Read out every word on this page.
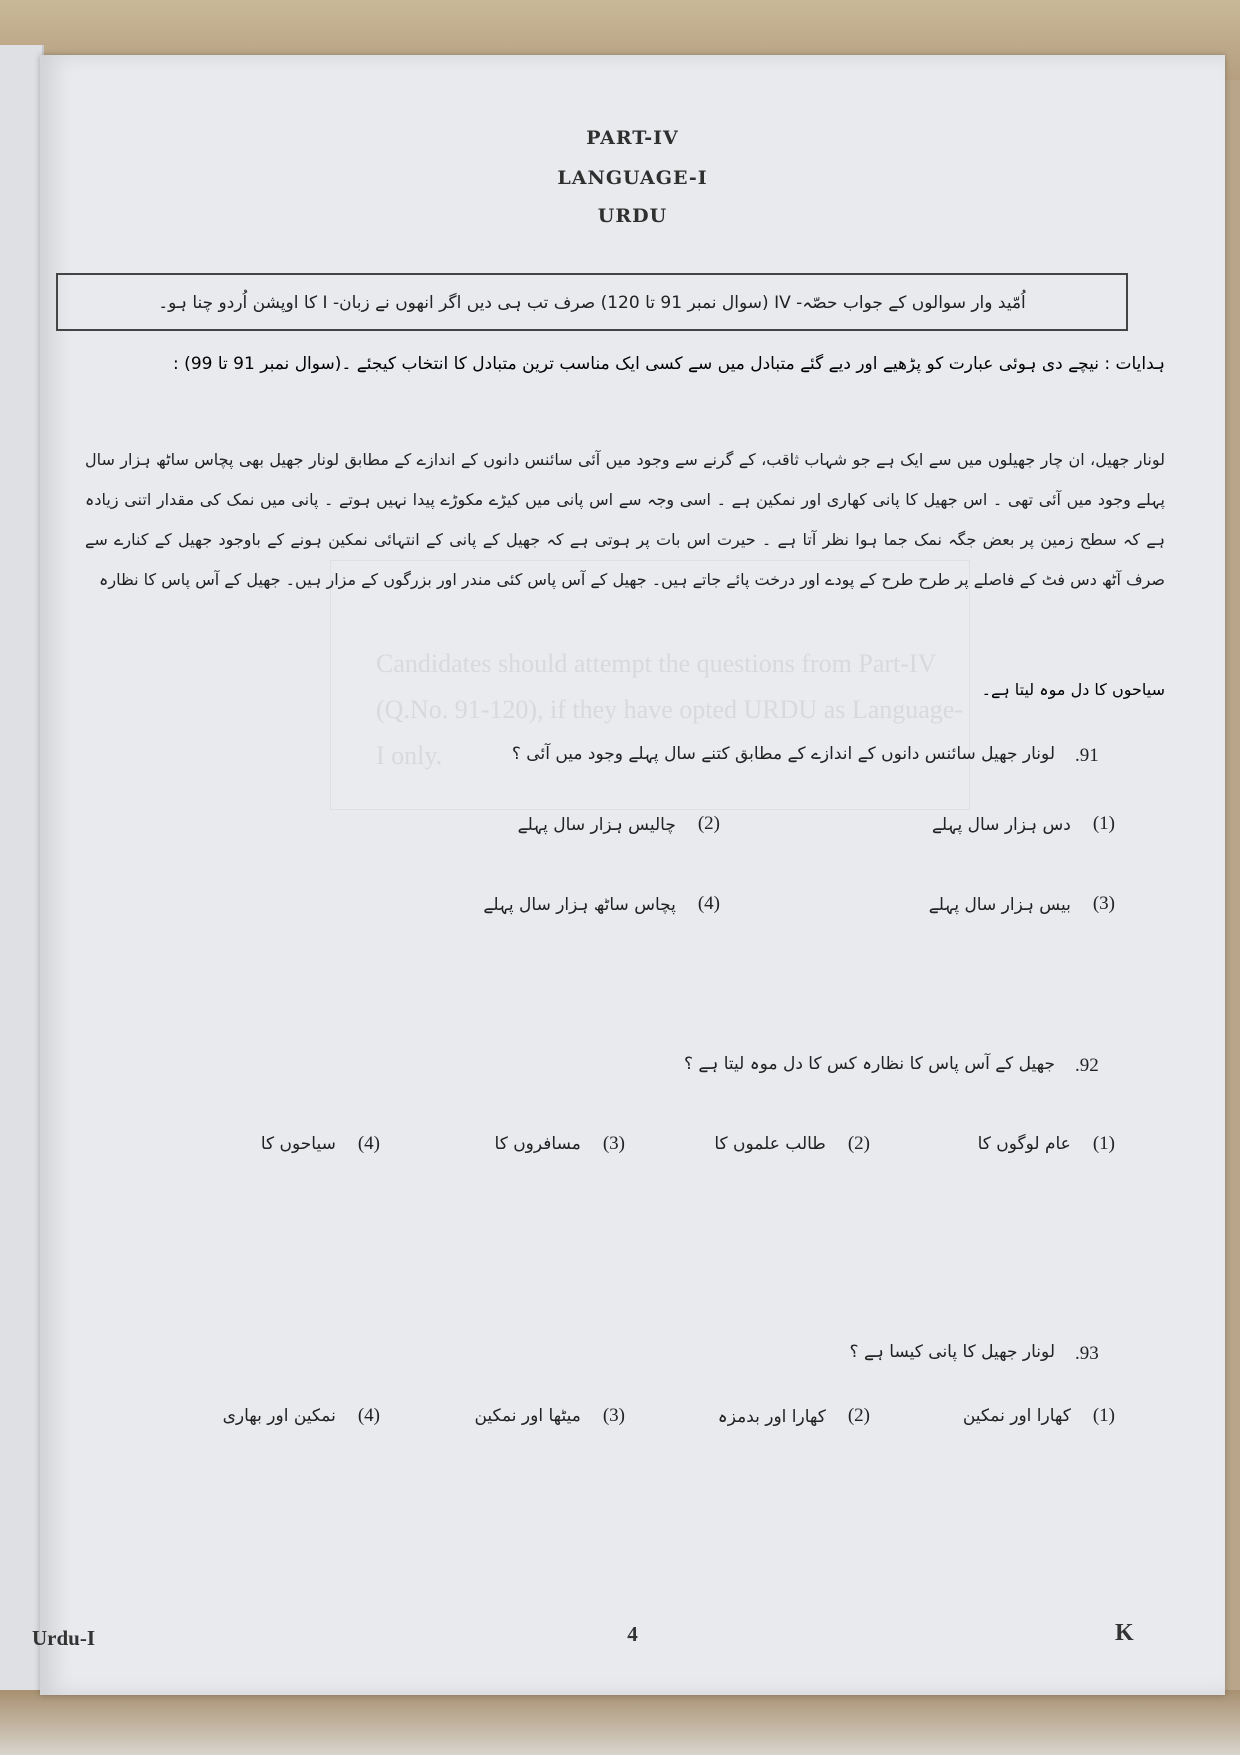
PART-IV
LANGUAGE-I
URDU
اُمّید وار سوالوں کے جواب حصّہ- IV (سوال نمبر 91 تا 120) صرف تب ہی دیں اگر انھوں نے زبان- I کا اوپشن اُردو چنا ہو۔
ہدایات : نیچے دی ہوئی عبارت کو پڑھیے اور دیے گئے متبادل میں سے کسی ایک مناسب ترین متبادل کا انتخاب کیجئے ۔(سوال نمبر 91 تا 99) :
Candidates should attempt the questions from Part-IV (Q.No. 91-120), if they have opted URDU as Language-I only.
لونار جھیل، ان چار جھیلوں میں سے ایک ہے جو شہاب ثاقب، کے گرنے سے وجود میں آئی سائنس دانوں کے اندازے کے مطابق لونار جھیل بھی پچاس ساٹھ ہزار سال پہلے وجود میں آئی تھی ۔ اس جھیل کا پانی کھاری اور نمکین ہے ۔ اسی وجہ سے اس پانی میں کیڑے مکوڑے پیدا نہیں ہوتے ۔ پانی میں نمک کی مقدار اتنی زیادہ ہے کہ سطح زمین پر بعض جگہ نمک جما ہوا نظر آتا ہے ۔ حیرت اس بات پر ہوتی ہے کہ جھیل کے پانی کے انتہائی نمکین ہونے کے باوجود جھیل کے کنارے سے صرف آٹھ دس فٹ کے فاصلے پر طرح طرح کے پودے اور درخت پائے جاتے ہیں۔ جھیل کے آس پاس کئی مندر اور بزرگوں کے مزار ہیں۔ جھیل کے آس پاس کا نظارہ
سیاحوں کا دل موہ لیتا ہے۔
.91
لونار جھیل سائنس دانوں کے اندازے کے مطابق کتنے سال پہلے وجود میں آئی ؟
(1)
دس ہزار سال پہلے
(2)
چالیس ہزار سال پہلے
(3)
بیس ہزار سال پہلے
(4)
پچاس ساٹھ ہزار سال پہلے
.92
جھیل کے آس پاس کا نظارہ کس کا دل موہ لیتا ہے ؟
(1)
عام لوگوں کا
(2)
طالب علموں کا
(3)
مسافروں کا
(4)
سیاحوں کا
.93
لونار جھیل کا پانی کیسا ہے ؟
(1)
کھارا اور نمکین
(2)
کھارا اور بدمزہ
(3)
میٹھا اور نمکین
(4)
نمکین اور بھاری
Urdu-I	4	K
